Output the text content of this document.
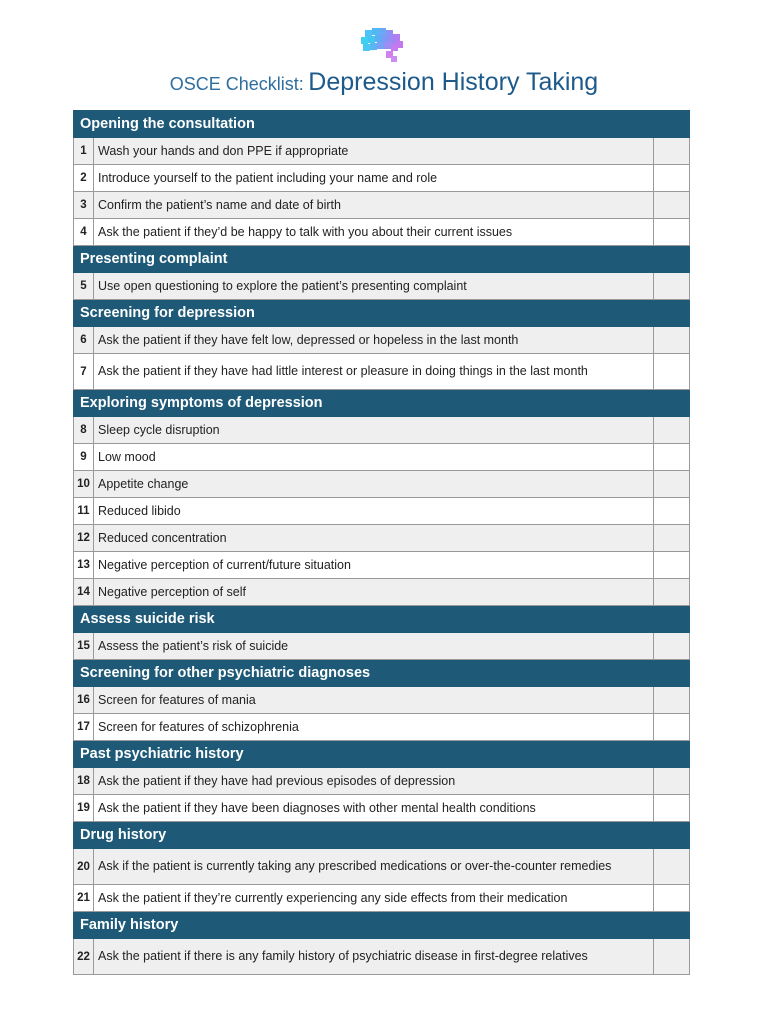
OSCE Checklist: Depression History Taking
Opening the consultation		
1	Wash your hands and don PPE if appropriate	
2	Introduce yourself to the patient including your name and role	
3	Confirm the patient’s name and date of birth	
4	Ask the patient if they’d be happy to talk with you about their current issues	
Presenting complaint		
5	Use open questioning to explore the patient’s presenting complaint	
Screening for depression		
6	Ask the patient if they have felt low, depressed or hopeless in the last month	
7	Ask the patient if they have had little interest or pleasure in doing things in the last month	
Exploring symptoms of depression		
8	Sleep cycle disruption	
9	Low mood	
10	Appetite change	
11	Reduced libido	
12	Reduced concentration	
13	Negative perception of current/future situation	
14	Negative perception of self	
Assess suicide risk		
15	Assess the patient’s risk of suicide	
Screening for other psychiatric diagnoses		
16	Screen for features of mania	
17	Screen for features of schizophrenia	
Past psychiatric history		
18	Ask the patient if they have had previous episodes of depression	
19	Ask the patient if they have been diagnoses with other mental health conditions	
Drug history		
20	Ask if the patient is currently taking any prescribed medications or over-the-counter remedies	
21	Ask the patient if they’re currently experiencing any side effects from their medication	
Family history		
22	Ask the patient if there is any family history of psychiatric disease in first-degree relatives	
